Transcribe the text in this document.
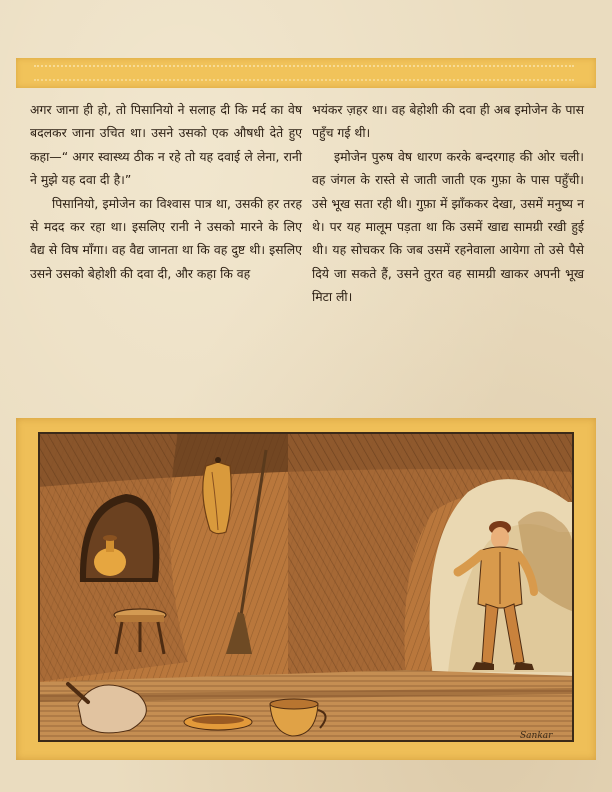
अगर जाना ही हो, तो पिसानियो ने सलाह दी कि मर्द का वेष बदलकर जाना उचित था। उसने उसको एक औषधी देते हुए कहा—“ अगर स्वास्थ्य ठीक न रहे तो यह दवाई ले लेना, रानी ने मुझे यह दवा दी है।”

पिसानियो, इमोजेन का विश्वास पात्र था, उसकी हर तरह से मदद कर रहा था। इसलिए रानी ने उसको मारने के लिए वैद्य से विष माँगा। वह वैद्य जानता था कि वह दुष्ट थी। इसलिए उसने उसको बेहोशी की दवा दी, और कहा कि वह

भयंकर ज़हर था। वह बेहोशी की दवा ही अब इमोजेन के पास पहुँच गई थी।

इमोजेन पुरुष वेष धारण करके बन्दरगाह की ओर चली। वह जंगल के रास्ते से जाती जाती एक गुफ़ा के पास पहुँची। उसे भूख सता रही थी। गुफ़ा में झाँककर देखा, उसमें मनुष्य न थे। पर यह मालूम पड़ता था कि उसमें खाद्य सामग्री रखी हुई थी। यह सोचकर कि जब उसमें रहनेवाला आयेगा तो उसे पैसे दिये जा सकते हैं, उसने तुरत वह सामग्री खाकर अपनी भूख मिटा ली।

Sankar
